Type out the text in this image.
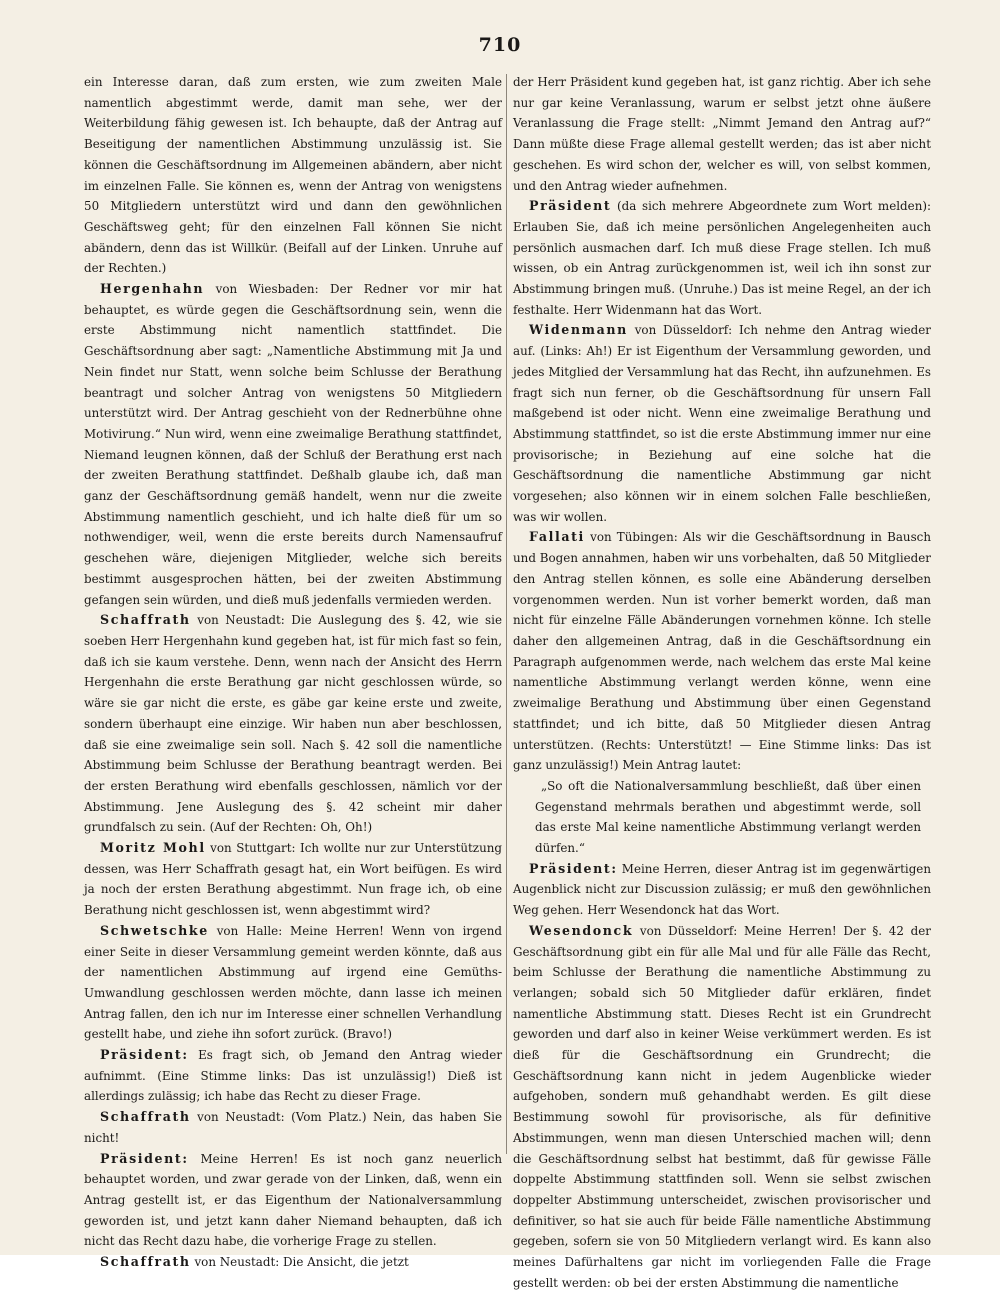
710

ein Interesse daran, daß zum ersten, wie zum zweiten Male namentlich abgestimmt werde, damit man sehe, wer der Weiterbildung fähig gewesen ist. Ich behaupte, daß der Antrag auf Beseitigung der namentlichen Abstimmung unzulässig ist. Sie können die Geschäftsordnung im Allgemeinen abändern, aber nicht im einzelnen Falle. Sie können es, wenn der Antrag von wenigstens 50 Mitgliedern unterstützt wird und dann den gewöhnlichen Geschäftsweg geht; für den einzelnen Fall können Sie nicht abändern, denn das ist Willkür. (Beifall auf der Linken. Unruhe auf der Rechten.)

Hergenhahn von Wiesbaden: Der Redner vor mir hat behauptet, es würde gegen die Geschäftsordnung sein, wenn die erste Abstimmung nicht namentlich stattfindet. Die Geschäftsordnung aber sagt: „Namentliche Abstimmung mit Ja und Nein findet nur Statt, wenn solche beim Schlusse der Berathung beantragt und solcher Antrag von wenigstens 50 Mitgliedern unterstützt wird. Der Antrag geschieht von der Rednerbühne ohne Motivirung.“ Nun wird, wenn eine zweimalige Berathung stattfindet, Niemand leugnen können, daß der Schluß der Berathung erst nach der zweiten Berathung stattfindet. Deßhalb glaube ich, daß man ganz der Geschäftsordnung gemäß handelt, wenn nur die zweite Abstimmung namentlich geschieht, und ich halte dieß für um so nothwendiger, weil, wenn die erste bereits durch Namensaufruf geschehen wäre, diejenigen Mitglieder, welche sich bereits bestimmt ausgesprochen hätten, bei der zweiten Abstimmung gefangen sein würden, und dieß muß jedenfalls vermieden werden.

Schaffrath von Neustadt: Die Auslegung des §. 42, wie sie soeben Herr Hergenhahn kund gegeben hat, ist für mich fast so fein, daß ich sie kaum verstehe. Denn, wenn nach der Ansicht des Herrn Hergenhahn die erste Berathung gar nicht geschlossen würde, so wäre sie gar nicht die erste, es gäbe gar keine erste und zweite, sondern überhaupt eine einzige. Wir haben nun aber beschlossen, daß sie eine zweimalige sein soll. Nach §. 42 soll die namentliche Abstimmung beim Schlusse der Berathung beantragt werden. Bei der ersten Berathung wird ebenfalls geschlossen, nämlich vor der Abstimmung. Jene Auslegung des §. 42 scheint mir daher grundfalsch zu sein. (Auf der Rechten: Oh, Oh!)

Moritz Mohl von Stuttgart: Ich wollte nur zur Unterstützung dessen, was Herr Schaffrath gesagt hat, ein Wort beifügen. Es wird ja noch der ersten Berathung abgestimmt. Nun frage ich, ob eine Berathung nicht geschlossen ist, wenn abgestimmt wird?

Schwetschke von Halle: Meine Herren! Wenn von irgend einer Seite in dieser Versammlung gemeint werden könnte, daß aus der namentlichen Abstimmung auf irgend eine Gemüths-Umwandlung geschlossen werden möchte, dann lasse ich meinen Antrag fallen, den ich nur im Interesse einer schnellen Verhandlung gestellt habe, und ziehe ihn sofort zurück. (Bravo!)

Präsident: Es fragt sich, ob Jemand den Antrag wieder aufnimmt. (Eine Stimme links: Das ist unzulässig!) Dieß ist allerdings zulässig; ich habe das Recht zu dieser Frage.

Schaffrath von Neustadt: (Vom Platz.) Nein, das haben Sie nicht!

Präsident: Meine Herren! Es ist noch ganz neuerlich behauptet worden, und zwar gerade von der Linken, daß, wenn ein Antrag gestellt ist, er das Eigenthum der Nationalversammlung geworden ist, und jetzt kann daher Niemand behaupten, daß ich nicht das Recht dazu habe, die vorherige Frage zu stellen.

Schaffrath von Neustadt: Die Ansicht, die jetzt

der Herr Präsident kund gegeben hat, ist ganz richtig. Aber ich sehe nur gar keine Veranlassung, warum er selbst jetzt ohne äußere Veranlassung die Frage stellt: „Nimmt Jemand den Antrag auf?“ Dann müßte diese Frage allemal gestellt werden; das ist aber nicht geschehen. Es wird schon der, welcher es will, von selbst kommen, und den Antrag wieder aufnehmen.

Präsident (da sich mehrere Abgeordnete zum Wort melden): Erlauben Sie, daß ich meine persönlichen Angelegenheiten auch persönlich ausmachen darf. Ich muß diese Frage stellen. Ich muß wissen, ob ein Antrag zurückgenommen ist, weil ich ihn sonst zur Abstimmung bringen muß. (Unruhe.) Das ist meine Regel, an der ich festhalte. Herr Widenmann hat das Wort.

Widenmann von Düsseldorf: Ich nehme den Antrag wieder auf. (Links: Ah!) Er ist Eigenthum der Versammlung geworden, und jedes Mitglied der Versammlung hat das Recht, ihn aufzunehmen. Es fragt sich nun ferner, ob die Geschäftsordnung für unsern Fall maßgebend ist oder nicht. Wenn eine zweimalige Berathung und Abstimmung stattfindet, so ist die erste Abstimmung immer nur eine provisorische; in Beziehung auf eine solche hat die Geschäftsordnung die namentliche Abstimmung gar nicht vorgesehen; also können wir in einem solchen Falle beschließen, was wir wollen.

Fallati von Tübingen: Als wir die Geschäftsordnung in Bausch und Bogen annahmen, haben wir uns vorbehalten, daß 50 Mitglieder den Antrag stellen können, es solle eine Abänderung derselben vorgenommen werden. Nun ist vorher bemerkt worden, daß man nicht für einzelne Fälle Abänderungen vornehmen könne. Ich stelle daher den allgemeinen Antrag, daß in die Geschäftsordnung ein Paragraph aufgenommen werde, nach welchem das erste Mal keine namentliche Abstimmung verlangt werden könne, wenn eine zweimalige Berathung und Abstimmung über einen Gegenstand stattfindet; und ich bitte, daß 50 Mitglieder diesen Antrag unterstützen. (Rechts: Unterstützt! — Eine Stimme links: Das ist ganz unzulässig!) Mein Antrag lautet:

„So oft die Nationalversammlung beschließt, daß über einen Gegenstand mehrmals berathen und abgestimmt werde, soll das erste Mal keine namentliche Abstimmung verlangt werden dürfen.“

Präsident: Meine Herren, dieser Antrag ist im gegenwärtigen Augenblick nicht zur Discussion zulässig; er muß den gewöhnlichen Weg gehen. Herr Wesendonck hat das Wort.

Wesendonck von Düsseldorf: Meine Herren! Der §. 42 der Geschäftsordnung gibt ein für alle Mal und für alle Fälle das Recht, beim Schlusse der Berathung die namentliche Abstimmung zu verlangen; sobald sich 50 Mitglieder dafür erklären, findet namentliche Abstimmung statt. Dieses Recht ist ein Grundrecht geworden und darf also in keiner Weise verkümmert werden. Es ist dieß für die Geschäftsordnung ein Grundrecht; die Geschäftsordnung kann nicht in jedem Augenblicke wieder aufgehoben, sondern muß gehandhabt werden. Es gilt diese Bestimmung sowohl für provisorische, als für definitive Abstimmungen, wenn man diesen Unterschied machen will; denn die Geschäftsordnung selbst hat bestimmt, daß für gewisse Fälle doppelte Abstimmung stattfinden soll. Wenn sie selbst zwischen doppelter Abstimmung unterscheidet, zwischen provisorischer und definitiver, so hat sie auch für beide Fälle namentliche Abstimmung gegeben, sofern sie von 50 Mitgliedern verlangt wird. Es kann also meines Dafürhaltens gar nicht im vorliegenden Falle die Frage gestellt werden: ob bei der ersten Abstimmung die namentliche
